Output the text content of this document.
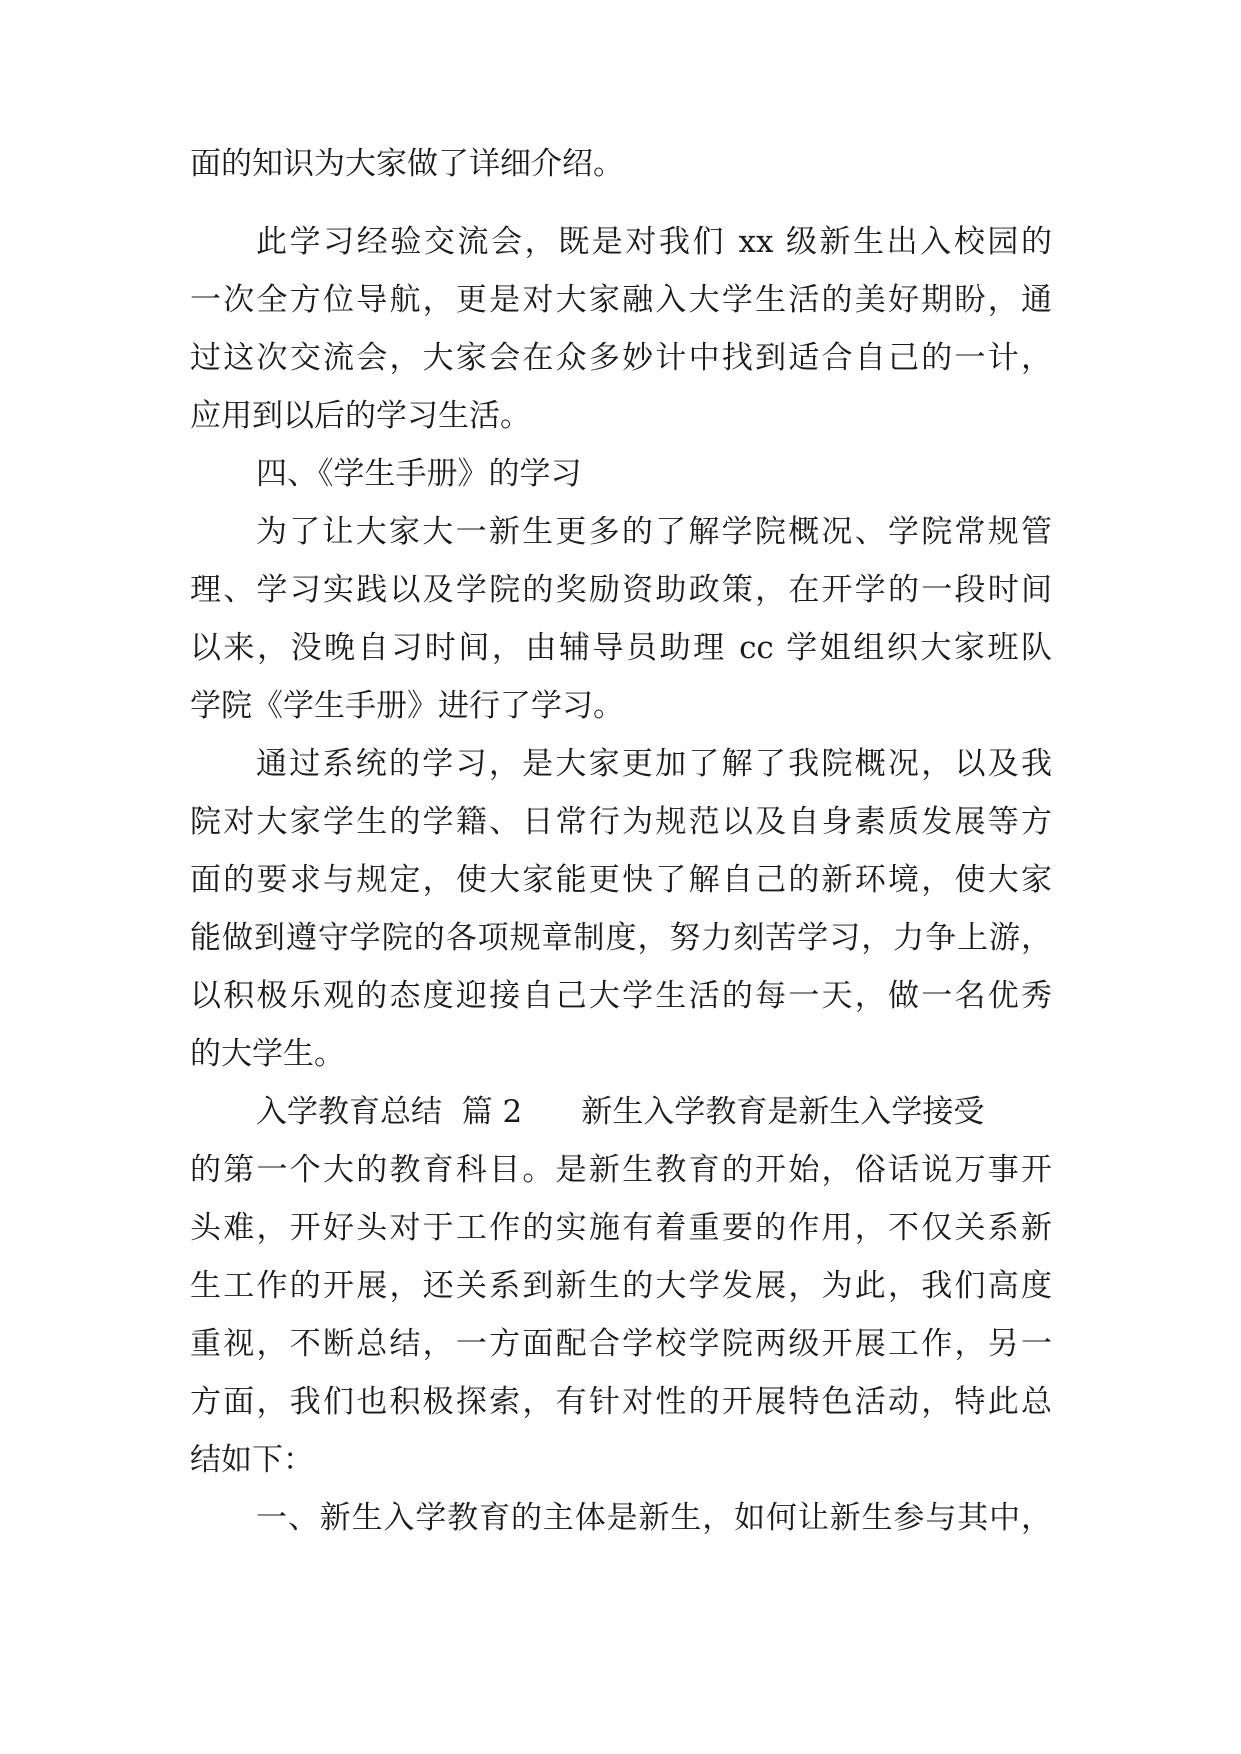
面的知识为大家做了详细介绍。
此学习经验交流会，既是对我们 xx 级新生出入校园的
一次全方位导航，更是对大家融入大学生活的美好期盼，通
过这次交流会，大家会在众多妙计中找到适合自己的一计，
应用到以后的学习生活。
四、《学生手册》的学习
为了让大家大一新生更多的了解学院概况、学院常规管
理、学习实践以及学院的奖励资助政策，在开学的一段时间
以来，没晚自习时间，由辅导员助理 cc 学姐组织大家班队
学院《学生手册》进行了学习。
通过系统的学习，是大家更加了解了我院概况，以及我
院对大家学生的学籍、日常行为规范以及自身素质发展等方
面的要求与规定，使大家能更快了解自己的新环境，使大家
能做到遵守学院的各项规章制度，努力刻苦学习，力争上游，
以积极乐观的态度迎接自己大学生活的每一天，做一名优秀
的大学生。
入学教育总结  篇 2      新生入学教育是新生入学接受
的第一个大的教育科目。是新生教育的开始，俗话说万事开
头难，开好头对于工作的实施有着重要的作用，不仅关系新
生工作的开展，还关系到新生的大学发展，为此，我们高度
重视，不断总结，一方面配合学校学院两级开展工作，另一
方面，我们也积极探索，有针对性的开展特色活动，特此总
结如下：
一、新生入学教育的主体是新生，如何让新生参与其中，
